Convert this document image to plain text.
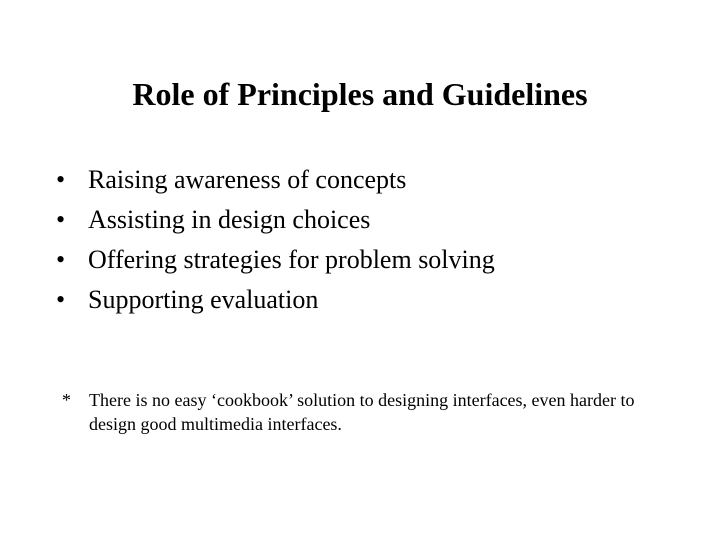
Role of Principles and Guidelines
• Raising awareness of concepts
• Assisting in design choices
• Offering strategies for problem solving
• Supporting evaluation
* There is no easy ‘cookbook’ solution to designing interfaces, even harder to design good multimedia interfaces.
